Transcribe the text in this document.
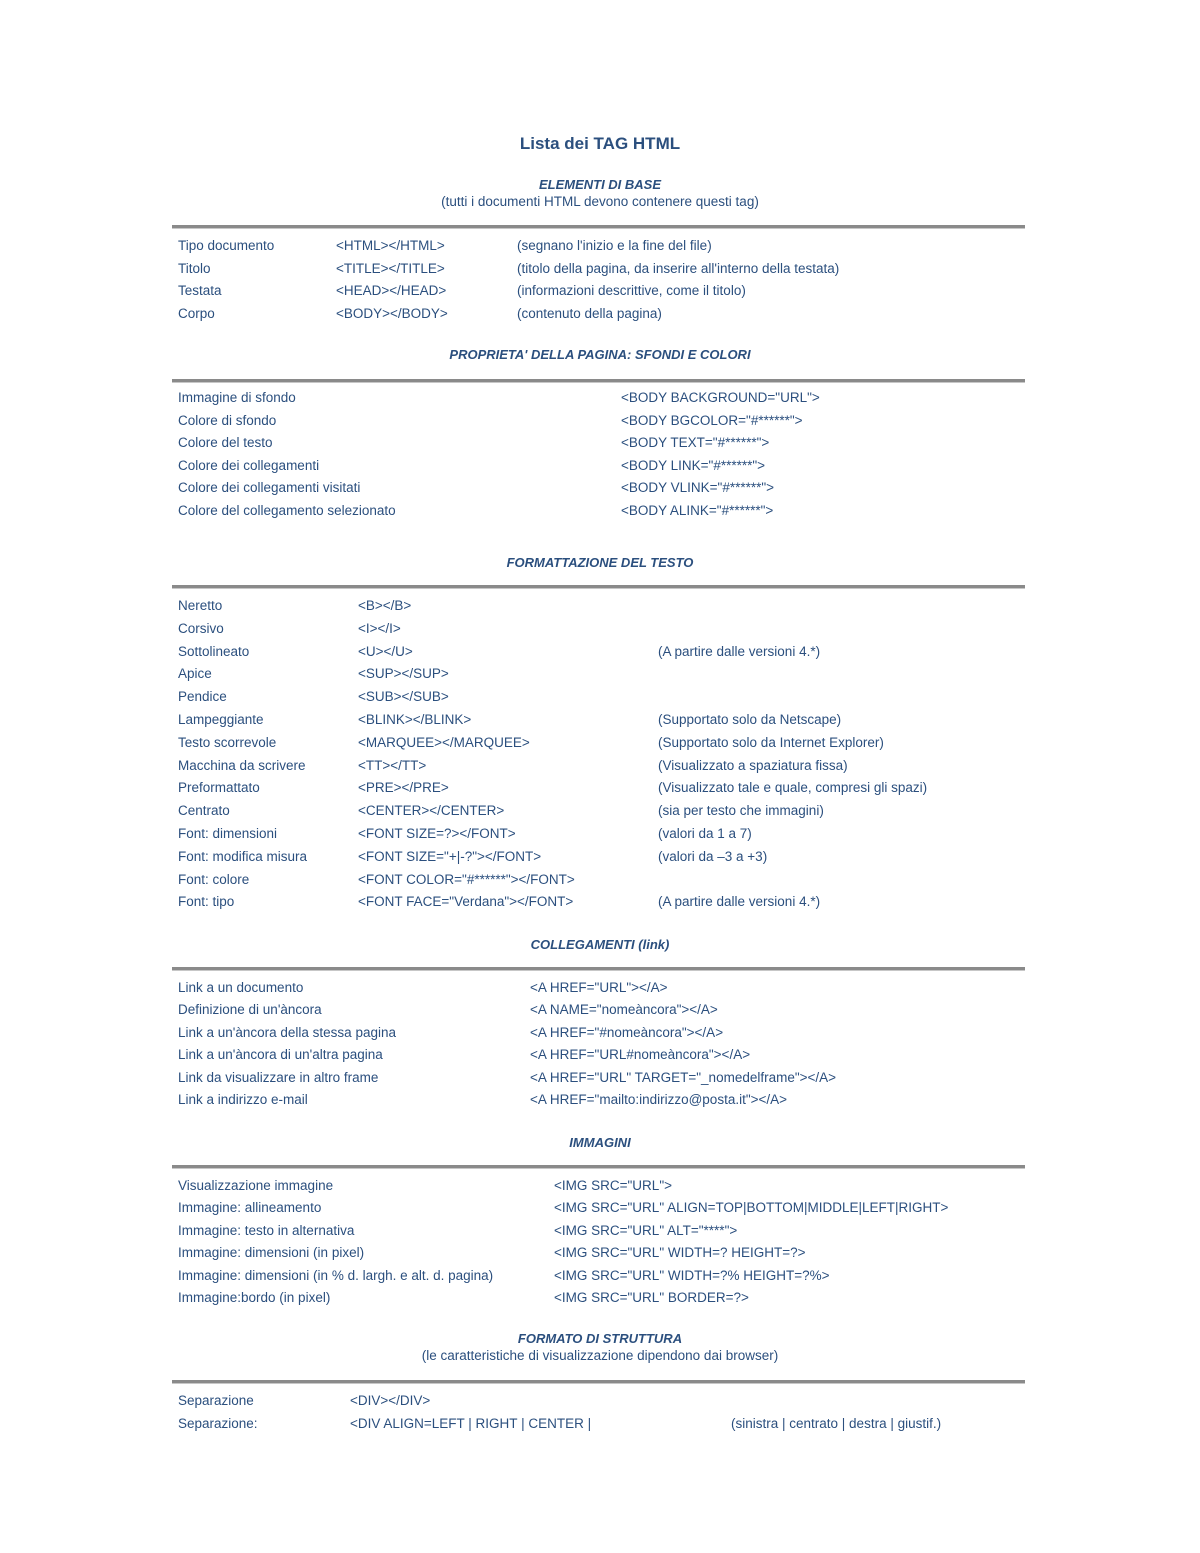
Lista dei TAG HTML
ELEMENTI DI BASE
(tutti i documenti HTML devono contenere questi tag)
Tipo documento	<HTML></HTML>	(segnano l'inizio e la fine del file)
Titolo	<TITLE></TITLE>	(titolo della pagina, da inserire all'interno della testata)
Testata	<HEAD></HEAD>	(informazioni descrittive, come il titolo)
Corpo	<BODY></BODY>	(contenuto della pagina)
PROPRIETA' DELLA PAGINA: SFONDI E COLORI
Immagine di sfondo	<BODY BACKGROUND="URL">
Colore di sfondo	<BODY BGCOLOR="#******">
Colore del testo	<BODY TEXT="#******">
Colore dei collegamenti	<BODY LINK="#******">
Colore dei collegamenti visitati	<BODY VLINK="#******">
Colore del collegamento selezionato	<BODY ALINK="#******">
FORMATTAZIONE DEL TESTO
Neretto	<B></B>
Corsivo	<I></I>
Sottolineato	<U></U>	(A partire dalle versioni 4.*)
Apice	<SUP></SUP>
Pendice	<SUB></SUB>
Lampeggiante	<BLINK></BLINK>	(Supportato solo da Netscape)
Testo scorrevole	<MARQUEE></MARQUEE>	(Supportato solo da Internet Explorer)
Macchina da scrivere	<TT></TT>	(Visualizzato a spaziatura fissa)
Preformattato	<PRE></PRE>	(Visualizzato tale e quale, compresi gli spazi)
Centrato	<CENTER></CENTER>	(sia per testo che immagini)
Font: dimensioni	<FONT SIZE=?></FONT>	(valori da 1 a 7)
Font: modifica misura	<FONT SIZE="+|-?"></FONT>	(valori da –3 a +3)
Font: colore	<FONT COLOR="#******"></FONT>
Font: tipo	<FONT FACE="Verdana"></FONT>	(A partire dalle versioni 4.*)
COLLEGAMENTI (link)
Link a un documento	<A HREF="URL"></A>
Definizione di un'àncora	<A NAME="nomeàncora"></A>
Link a un'àncora della stessa pagina	<A HREF="#nomeàncora"></A>
Link a un'àncora di un'altra pagina	<A HREF="URL#nomeàncora"></A>
Link da visualizzare in altro frame	<A HREF="URL" TARGET="_nomedelframe"></A>
Link a indirizzo e-mail	<A HREF="mailto:indirizzo@posta.it"></A>
IMMAGINI
Visualizzazione immagine	<IMG SRC="URL">
Immagine: allineamento	<IMG SRC="URL" ALIGN=TOP|BOTTOM|MIDDLE|LEFT|RIGHT>
Immagine: testo in alternativa	<IMG SRC="URL" ALT="****">
Immagine: dimensioni (in pixel)	<IMG SRC="URL" WIDTH=? HEIGHT=?>
Immagine: dimensioni (in % d. largh. e alt. d. pagina)	<IMG SRC="URL" WIDTH=?% HEIGHT=?%>
Immagine:bordo (in pixel)	<IMG SRC="URL" BORDER=?>
FORMATO DI STRUTTURA
(le caratteristiche di visualizzazione dipendono dai browser)
Separazione	<DIV></DIV>
Separazione:	<DIV ALIGN=LEFT | RIGHT | CENTER |	(sinistra | centrato | destra | giustif.)
